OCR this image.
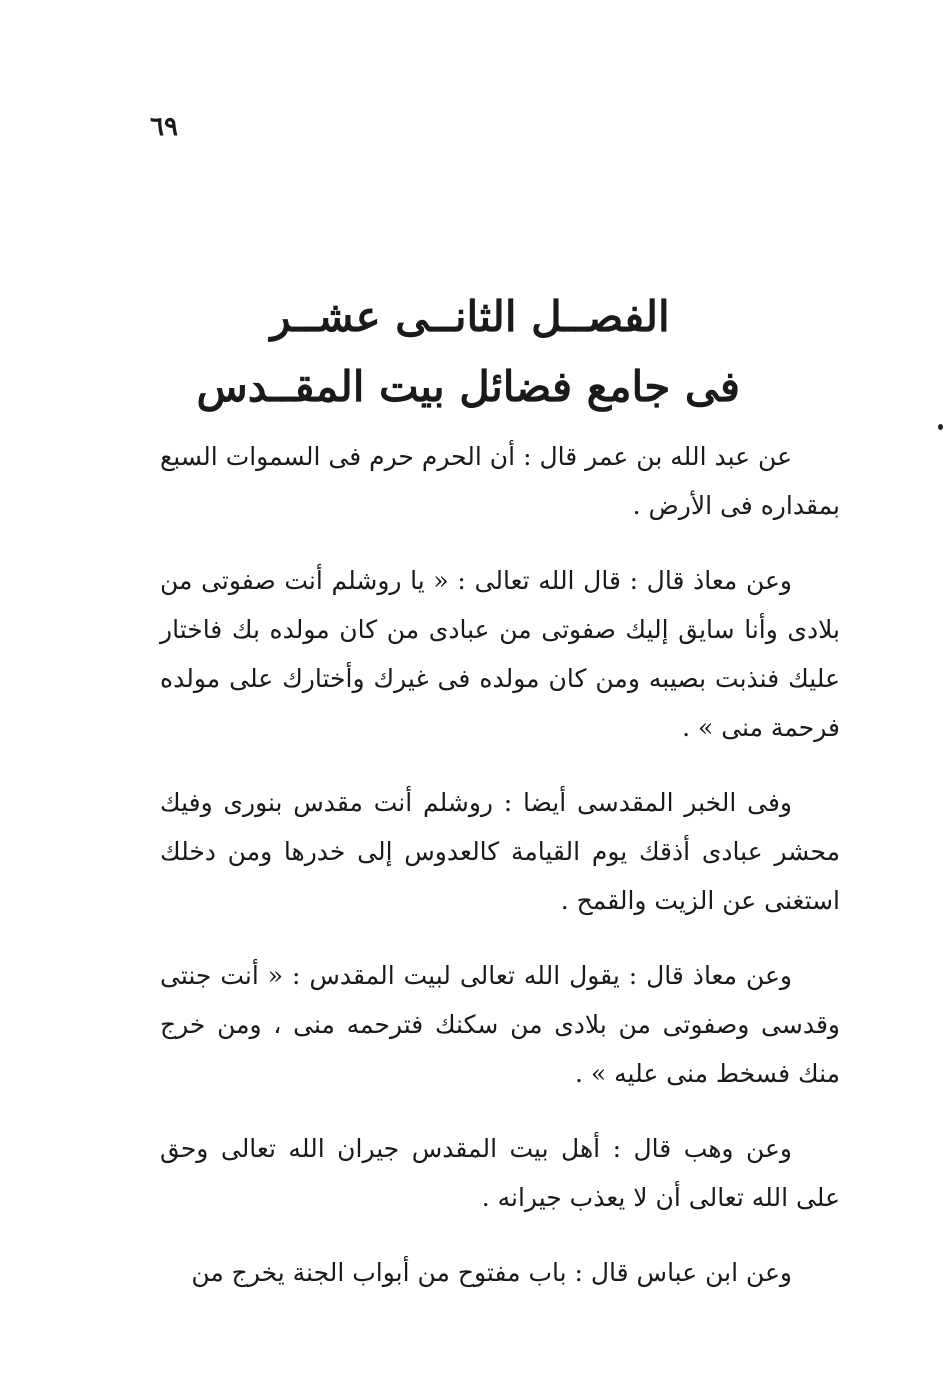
٦٩
الفصــل الثانــى عشــر
فى جامع فضائل بيت المقــدس

عن عبد الله بن عمر قال : أن الحرم حرم فى السموات السبع بمقداره فى الأرض .

وعن معاذ قال : قال الله تعالى : « يا روشلم أنت صفوتى من بلادى وأنا سايق إليك صفوتى من عبادى من كان مولده بك فاختار عليك فنذبت بصيبه ومن كان مولده فى غيرك وأختارك على مولده فرحمة منى » .

وفى الخبر المقدسى أيضا : روشلم أنت مقدس بنورى وفيك محشر عبادى أذقك يوم القيامة كالعدوس إلى خدرها ومن دخلك استغنى عن الزيت والقمح .

وعن معاذ قال : يقول الله تعالى لبيت المقدس : « أنت جنتى وقدسى وصفوتى من بلادى من سكنك فترحمه منى ، ومن خرج منك فسخط منى عليه » .

وعن وهب قال : أهل بيت المقدس جيران الله تعالى وحق على الله تعالى أن لا يعذب جيرانه .

وعن ابن عباس قال : باب مفتوح من أبواب الجنة يخرج من
